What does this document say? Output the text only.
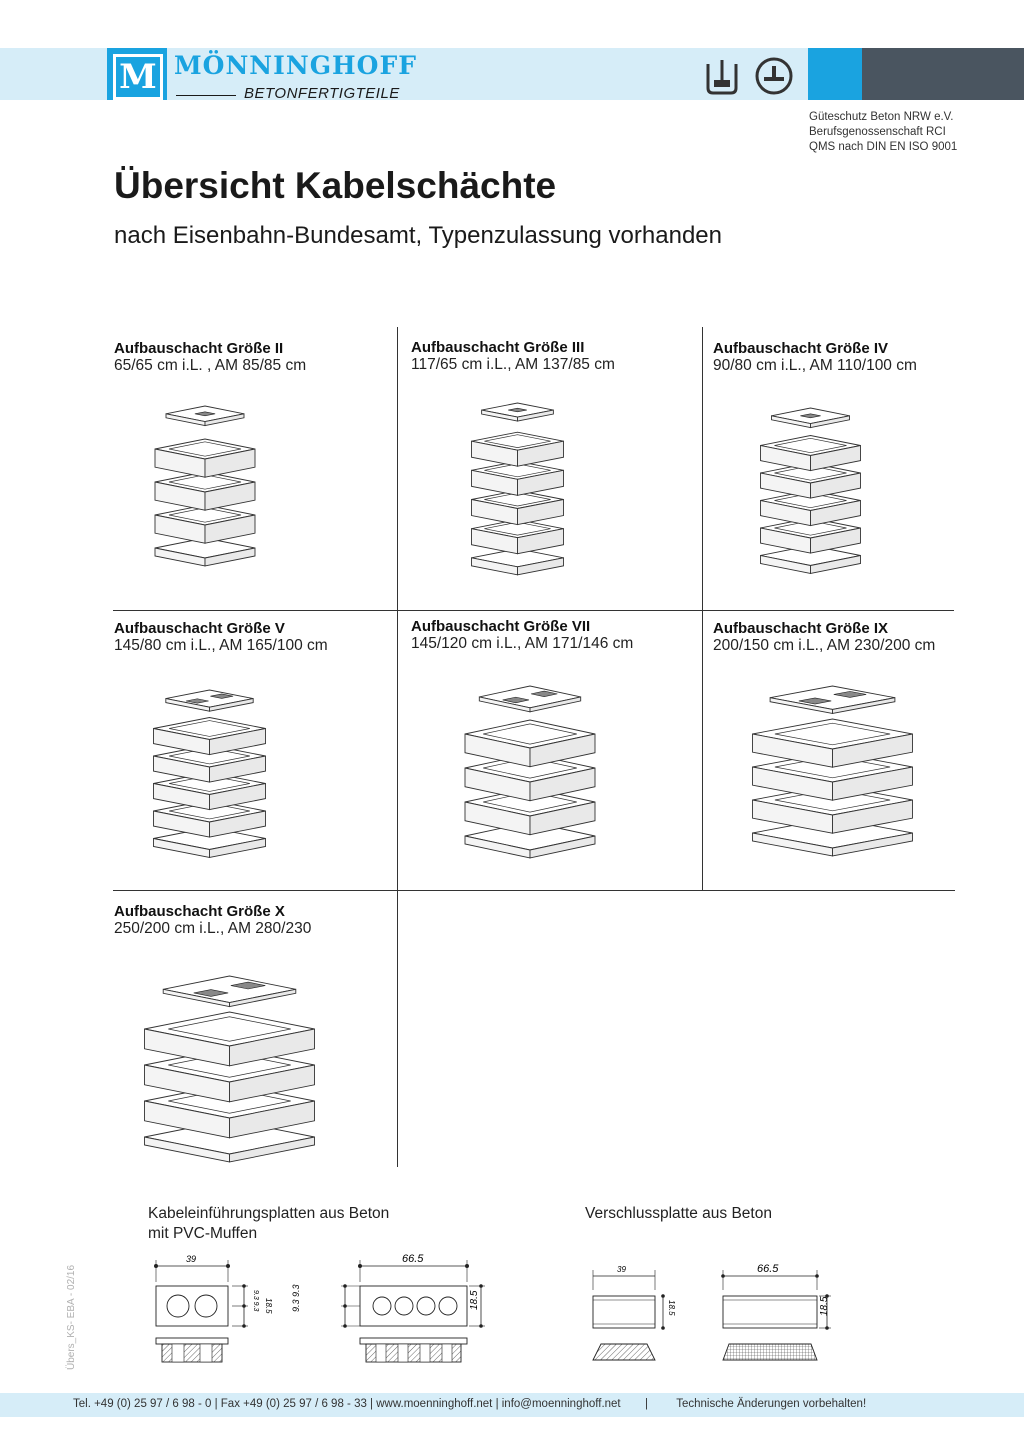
M MÖNNINGHOFF
BETONFERTIGTEILE
Güteschutz Beton NRW e.V.
Berufsgenossenschaft RCI
QMS nach DIN EN ISO 9001
Übersicht Kabelschächte
nach Eisenbahn-Bundesamt, Typenzulassung vorhanden
Aufbauschacht Größe II
65/65 cm i.L. , AM 85/85 cm
Aufbauschacht Größe III
117/65 cm i.L., AM 137/85 cm
Aufbauschacht Größe IV
90/80 cm i.L., AM 110/100 cm
Aufbauschacht Größe V
145/80 cm i.L., AM 165/100 cm
Aufbauschacht Größe VII
145/120 cm i.L., AM 171/146 cm
Aufbauschacht Größe IX
200/150 cm i.L., AM 230/200 cm
Aufbauschacht Größe X
250/200 cm i.L., AM 280/230
Kabeleinführungsplatten aus Beton
mit PVC-Muffen
Verschlussplatte aus Beton
39
18.5
9.3 9.3
66.5
9.3 9.3	18.5
39
18.5
66.5
18.5
Übers_KS- EBA - 02/16
Tel. +49 (0) 25 97 / 6 98 - 0 | Fax +49 (0) 25 97 / 6 98 - 33 | www.moenninghoff.net | info@moenninghoff.net | Technische Änderungen vorbehalten!
